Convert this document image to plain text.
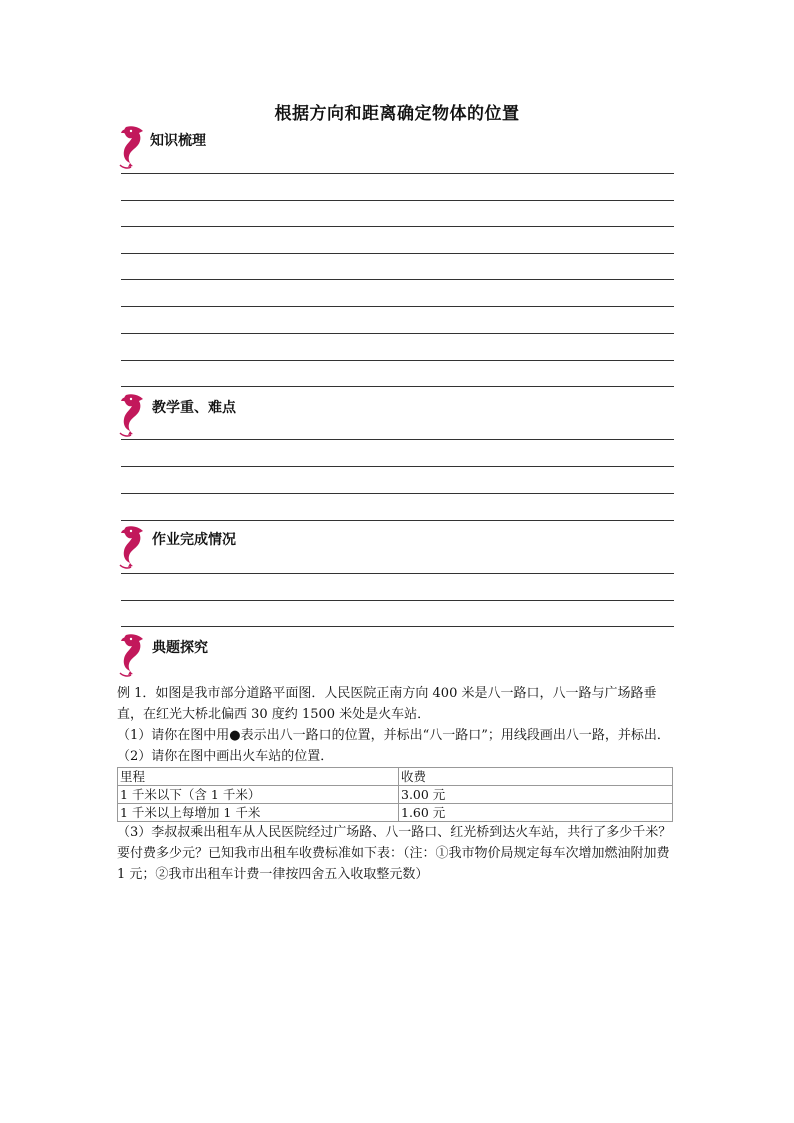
根据方向和距离确定物体的位置
知识梳理
教学重、难点
作业完成情况
典题探究

例 1．如图是我市部分道路平面图．人民医院正南方向 400 米是八一路口，八一路与广场路垂直，在红光大桥北偏西 30 度约 1500 米处是火车站．

（1）请你在图中用●表示出八一路口的位置，并标出“八一路口”；用线段画出八一路，并标出．

（2）请你在图中画出火车站的位置．

里程	收费
1 千米以下（含 1 千米）	3.00 元
1 千米以上每增加 1 千米	1.60 元

（3）李叔叔乘出租车从人民医院经过广场路、八一路口、红光桥到达火车站，共行了多少千米？要付费多少元？已知我市出租车收费标准如下表：（注：①我市物价局规定每车次增加燃油附加费 1 元；②我市出租车计费一律按四舍五入收取整元数）
